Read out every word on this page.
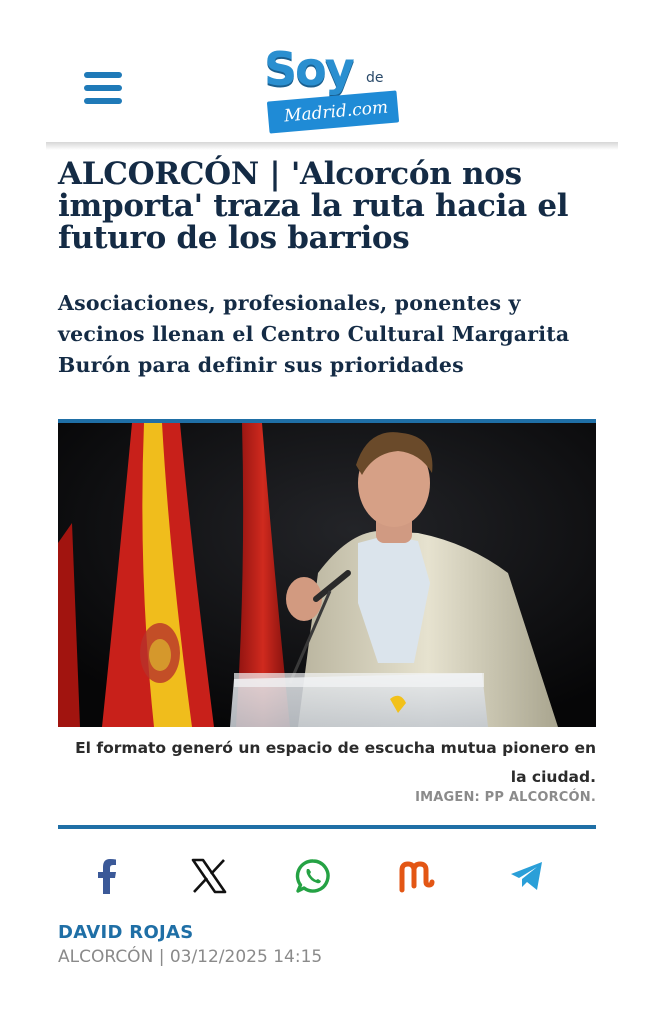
Soy de
Madrid.com
ALCORCÓN | 'Alcorcón nos importa' traza la ruta hacia el futuro de los barrios
Asociaciones, profesionales, ponentes y vecinos llenan el Centro Cultural Margarita Burón para definir sus prioridades

El formato generó un espacio de escucha mutua pionero en la ciudad.

IMAGEN: PP ALCORCÓN.

DAVID ROJAS
ALCORCÓN | 03/12/2025 14:15
